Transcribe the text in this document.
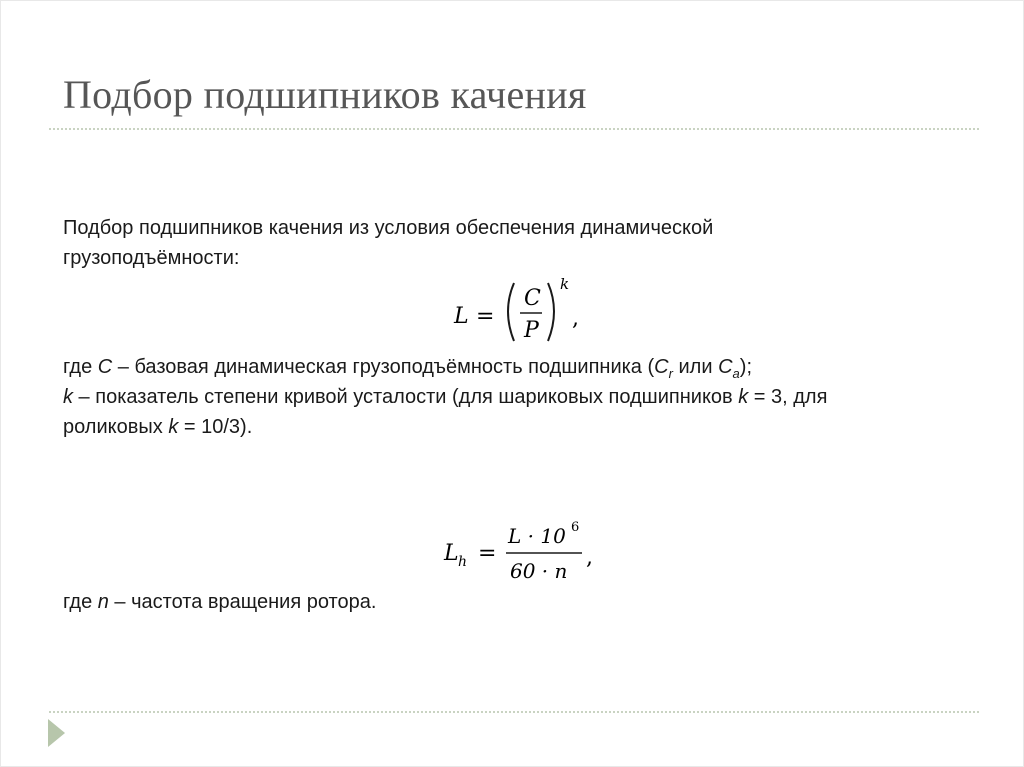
Подбор подшипников качения
Подбор подшипников качения из условия обеспечения динамической
грузоподъёмности:
L =
C
P
k
,
где C – базовая динамическая грузоподъёмность подшипника ($C_r$ или $C_a$);
k – показатель степени кривой усталости (для шариковых подшипников k = 3, для
роликовых k = 10/3).
L h =
L · 10 6
60 · n
,
где n – частота вращения ротора.
